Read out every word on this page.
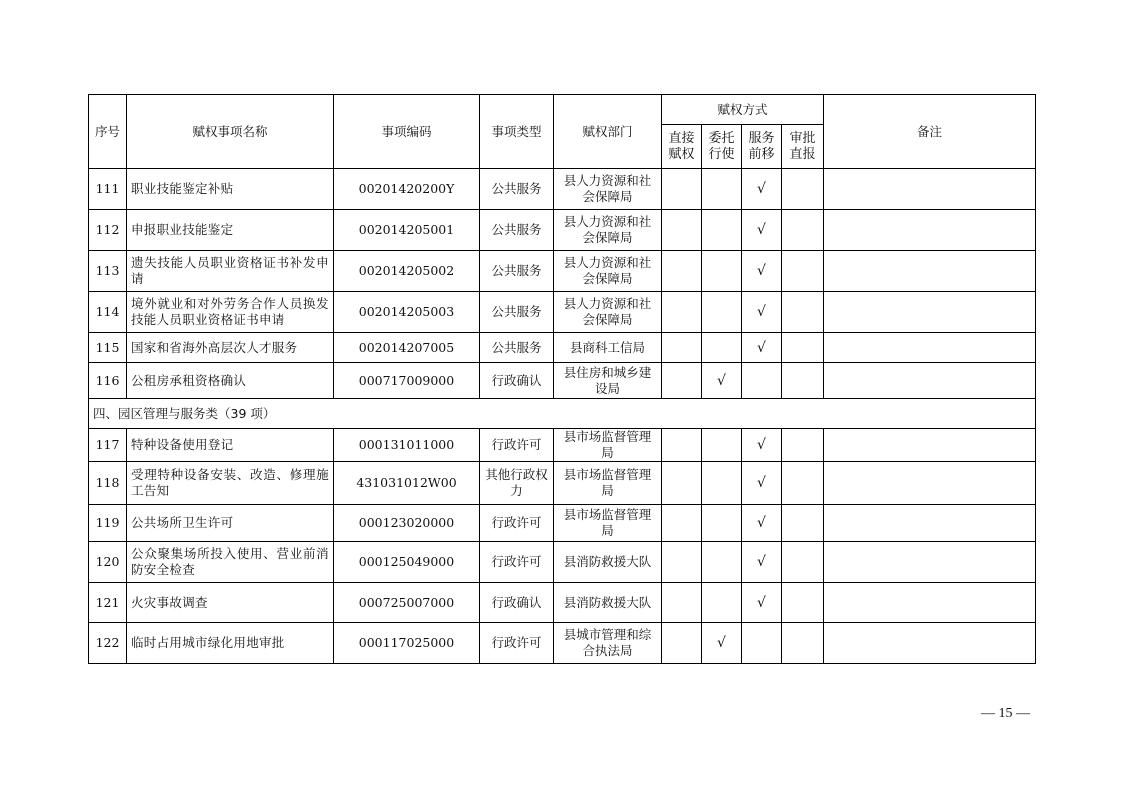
序号	赋权事项名称	事项编码	事项类型	赋权部门	赋权方式				备注
					直接赋权	委托行使	服务前移	审批直报	
111	职业技能鉴定补贴	00201420200Y	公共服务	县人力资源和社会保障局			√		
112	申报职业技能鉴定	002014205001	公共服务	县人力资源和社会保障局			√		
113	遗失技能人员职业资格证书补发申请	002014205002	公共服务	县人力资源和社会保障局			√		
114	境外就业和对外劳务合作人员换发技能人员职业资格证书申请	002014205003	公共服务	县人力资源和社会保障局			√		
115	国家和省海外高层次人才服务	002014207005	公共服务	县商科工信局			√		
116	公租房承租资格确认	000717009000	行政确认	县住房和城乡建设局		√			
四、园区管理与服务类（39 项）									
117	特种设备使用登记	000131011000	行政许可	县市场监督管理局			√		
118	受理特种设备安装、改造、修理施工告知	431031012W00	其他行政权力	县市场监督管理局			√		
119	公共场所卫生许可	000123020000	行政许可	县市场监督管理局			√		
120	公众聚集场所投入使用、营业前消防安全检查	000125049000	行政许可	县消防救援大队			√		
121	火灾事故调查	000725007000	行政确认	县消防救援大队			√		
122	临时占用城市绿化用地审批	000117025000	行政许可	县城市管理和综合执法局		√			
— 15 —
